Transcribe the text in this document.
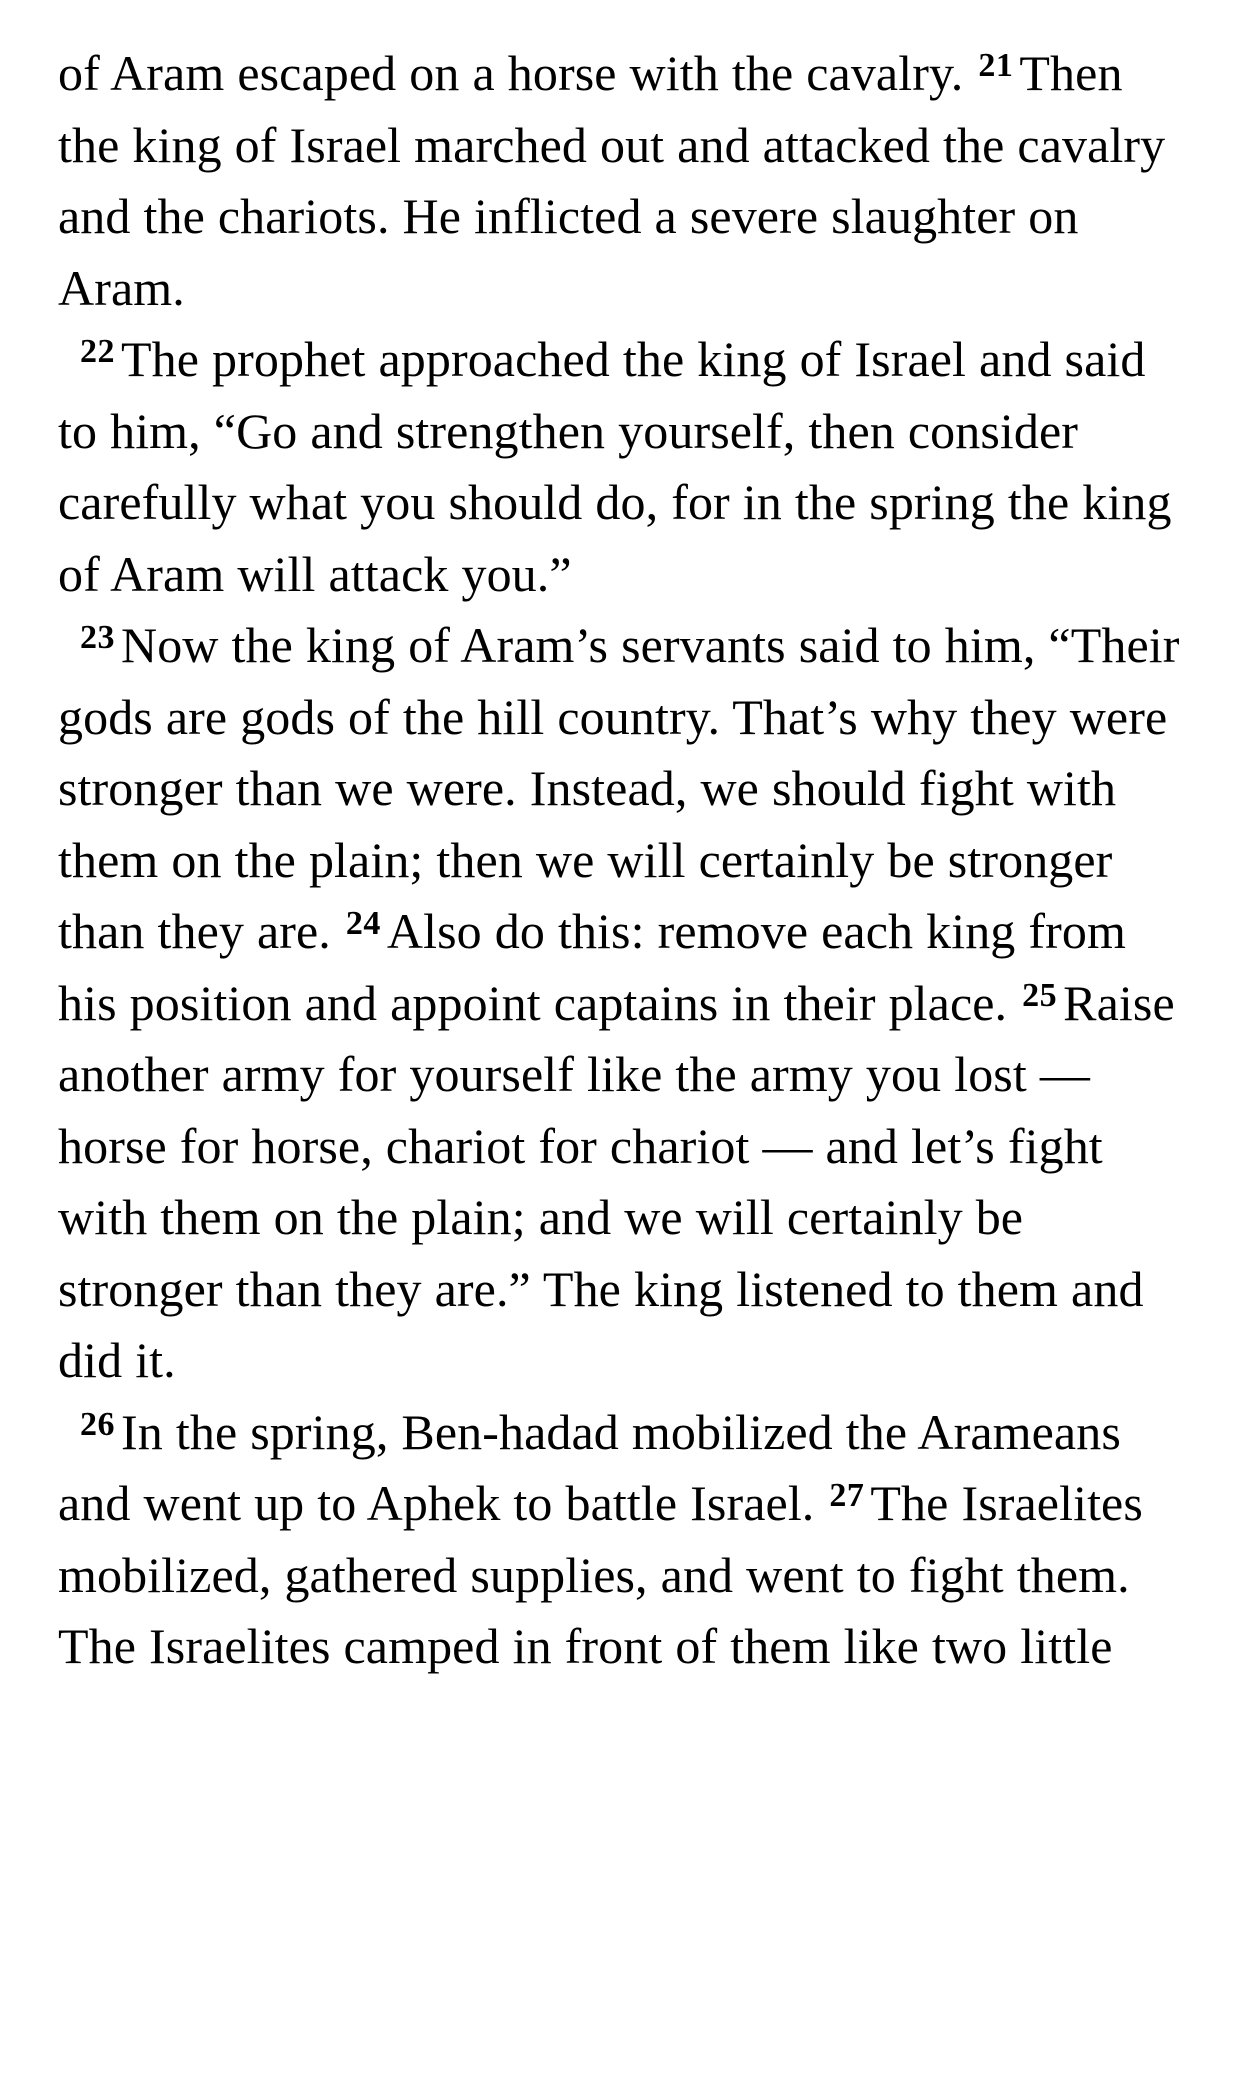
of Aram escaped on a horse with the cavalry. $^{21}$ Then the king of Israel marched out and attacked the cavalry and the chariots. He inflicted a severe slaughter on Aram.
$^{22}$ The prophet approached the king of Israel and said to him, “Go and strengthen yourself, then consider carefully what you should do, for in the spring the king of Aram will attack you.”
$^{23}$ Now the king of Aram’s servants said to him, “Their gods are gods of the hill country. That’s why they were stronger than we were. Instead, we should fight with them on the plain; then we will certainly be stronger than they are. $^{24}$ Also do this: remove each king from his position and appoint captains in their place. $^{25}$ Raise another army for yourself like the army you lost — horse for horse, chariot for chariot — and let’s fight with them on the plain; and we will certainly be stronger than they are.” The king listened to them and did it.
$^{26}$ In the spring, Ben-hadad mobilized the Arameans and went up to Aphek to battle Israel. $^{27}$ The Israelites mobilized, gathered supplies, and went to fight them. The Israelites camped in front of them like two little
